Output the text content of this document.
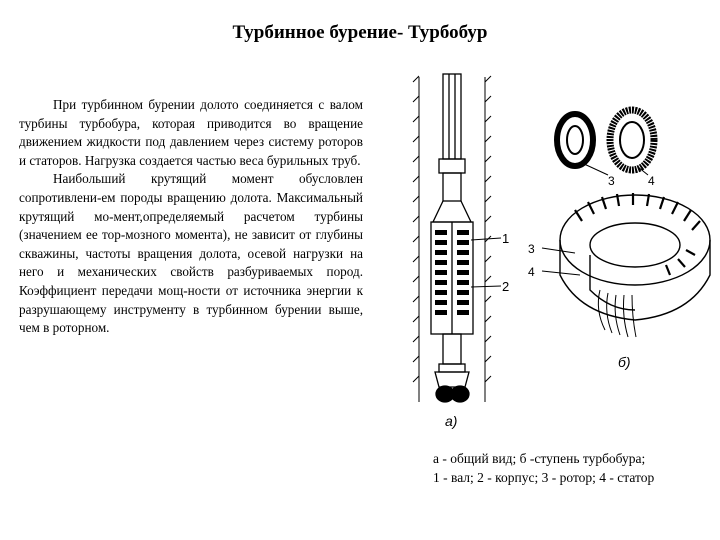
Турбинное бурение- Турбобур

При турбинном бурении долото соединяется с валом турбины турбобура, которая приводится во вращение движением жидкости под давлением через систему роторов и статоров. Нагрузка создается частью веса бурильных труб.

Наибольший крутящий момент обусловлен сопротивлени-ем породы вращению долота. Максимальный крутящий мо-мент,определяемый расчетом турбины (значением ее тор-мозного момента), не зависит от глубины скважины, частоты вращения долота, осевой нагрузки на него и механических свойств разбуриваемых пород. Коэффициент передачи мощ-ности от источника энергии к разрушающему инструменту в турбинном бурении выше, чем в роторном.

1
2
а)
3	4
3
4
б)
а - общий вид; б -ступень турбобура;
1 - вал; 2 - корпус; 3 - ротор; 4 - статор
